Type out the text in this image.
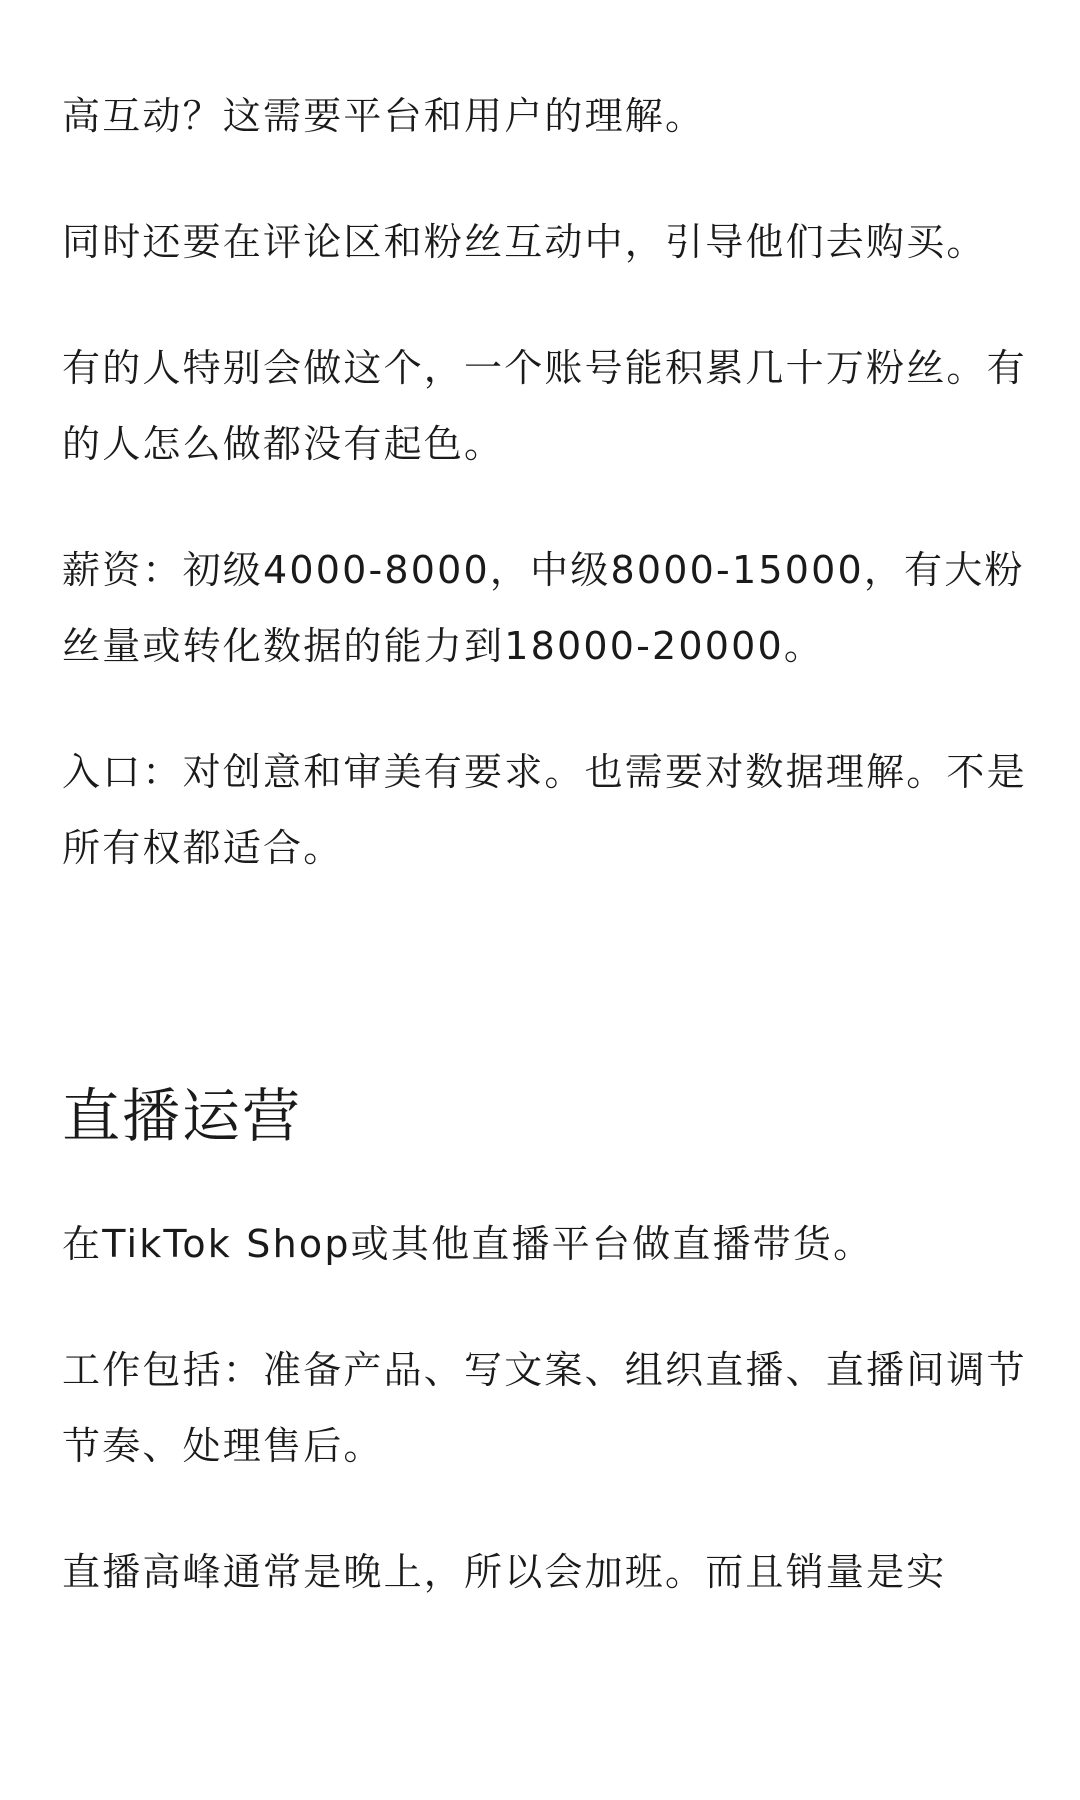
高互动？这需要平台和用户的理解。

同时还要在评论区和粉丝互动中，引导他们去购买。

有的人特别会做这个，一个账号能积累几十万粉丝。有的人怎么做都没有起色。

薪资：初级4000-8000，中级8000-15000，有大粉丝量或转化数据的能力到18000-20000。

入口：对创意和审美有要求。也需要对数据理解。不是所有权都适合。

直播运营

在TikTok Shop或其他直播平台做直播带货。

工作包括：准备产品、写文案、组织直播、直播间调节节奏、处理售后。

直播高峰通常是晚上，所以会加班。而且销量是实
